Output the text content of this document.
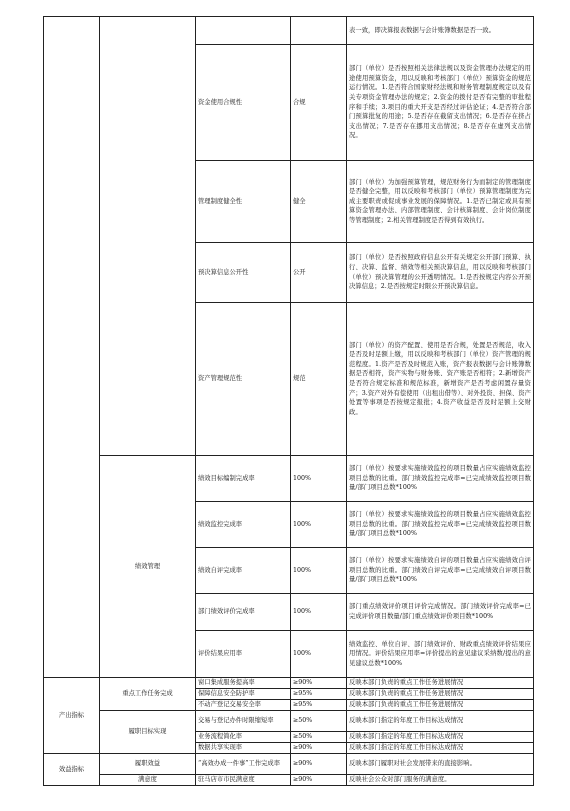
				表一致，即决算报表数据与会计账簿数据是否一致。
		资金使用合规性	合规	部门（单位）是否按照相关法律法规以及资金管理办法规定的用途使用预算资金，用以反映和考核部门（单位）预算资金的规范运行情况。1.是否符合国家财经法规和财务管理制度规定以及有关专项资金管理办法的规定；2.资金的拨付是否有完整的审批程序和手续；3.项目的重大开支是否经过评估论证；4.是否符合部门预算批复的用途；5.是否存在截留支出情况；6.是否存在挤占支出情况；7.是否存在挪用支出情况；8.是否存在虚列支出情况。
		管理制度健全性	健全	部门（单位）为加强预算管理，规范财务行为而制定的管理制度是否健全完整，用以反映和考核部门（单位）预算管理制度为完成主要职责或促成事业发展的保障情况。1.是否已制定或具有预算资金管理办法、内部管理制度、会计核算制度、会计岗位制度等管理制度；2.相关管理制度是否得到有效执行。
		预决算信息公开性	公开	部门（单位）是否按照政府信息公开有关规定公开部门预算、执行、决算、监督、绩效等相关预决算信息，用以反映和考核部门（单位）预决算管理的公开透明情况。1.是否按规定内容公开预决算信息；2.是否按规定时限公开预决算信息。
		资产管理规范性	规范	部门（单位）的资产配置、使用是否合规，处置是否规范，收入是否及时足额上缴，用以反映和考核部门（单位）资产管理的规范程度。1.资产是否及时规范入账，资产报表数据与会计账簿数据是否相符，资产实物与财务账、资产账是否相符；2.新增资产是否符合规定标准和规范标准，新增资产是否考虑闲置存量资产；3.资产对外有偿使用（出租出借等）、对外投资、担保、资产处置等事项是否按规定报批；4.资产收益是否及时足额上交财政。
	绩效管理	绩效目标编制完成率	100%	部门（单位）按要求实施绩效监控的项目数量占应实施绩效监控项目总数的比重。部门绩效监控完成率=已完成绩效监控项目数量/部门项目总数*100%
		绩效监控完成率	100%	部门（单位）按要求实施绩效监控的项目数量占应实施绩效监控项目总数的比重。部门绩效监控完成率=已完成绩效监控项目数量/部门项目总数*100%
		绩效自评完成率	100%	部门（单位）按要求实施绩效自评的项目数量占应实施绩效自评项目总数的比重。部门绩效自评完成率=已完成绩效自评项目数量/部门项目总数*100%
		部门绩效评价完成率	100%	部门重点绩效评价项目评价完成情况。部门绩效评价完成率=已完成评价项目数量/部门重点绩效评价项目数*100%
		评价结果应用率	100%	绩效监控、单位自评、部门绩效评价、财政重点绩效评价结果应用情况。评价结果应用率=评价提出的意见建议采纳数/提出的意见建议总数*100%
产出指标	重点工作任务完成	窗口集成服务提高率	≥90%	反映本部门负责的重点工作任务进展情况
		保障信息安全防护率	≥95%	反映本部门负责的重点工作任务进展情况
		不动产登记交易安全率	≥95%	反映本部门负责的重点工作任务进展情况
	履职目标实现	交易与登记办件时限缩短率	≥50%	反映本部门指定的年度工作目标达成情况
		业务流程简化率	≥50%	反映本部门指定的年度工作目标达成情况
		数据共享实现率	≥90%	反映本部门指定的年度工作目标达成情况
效益指标	履职效益	“高效办成一件事”工作完成率	≥90%	反映本部门履职对社会发展带来的直接影响。
	满意度	驻马店市市民满意度	≥90%	反映社会公众对部门服务的满意度。
